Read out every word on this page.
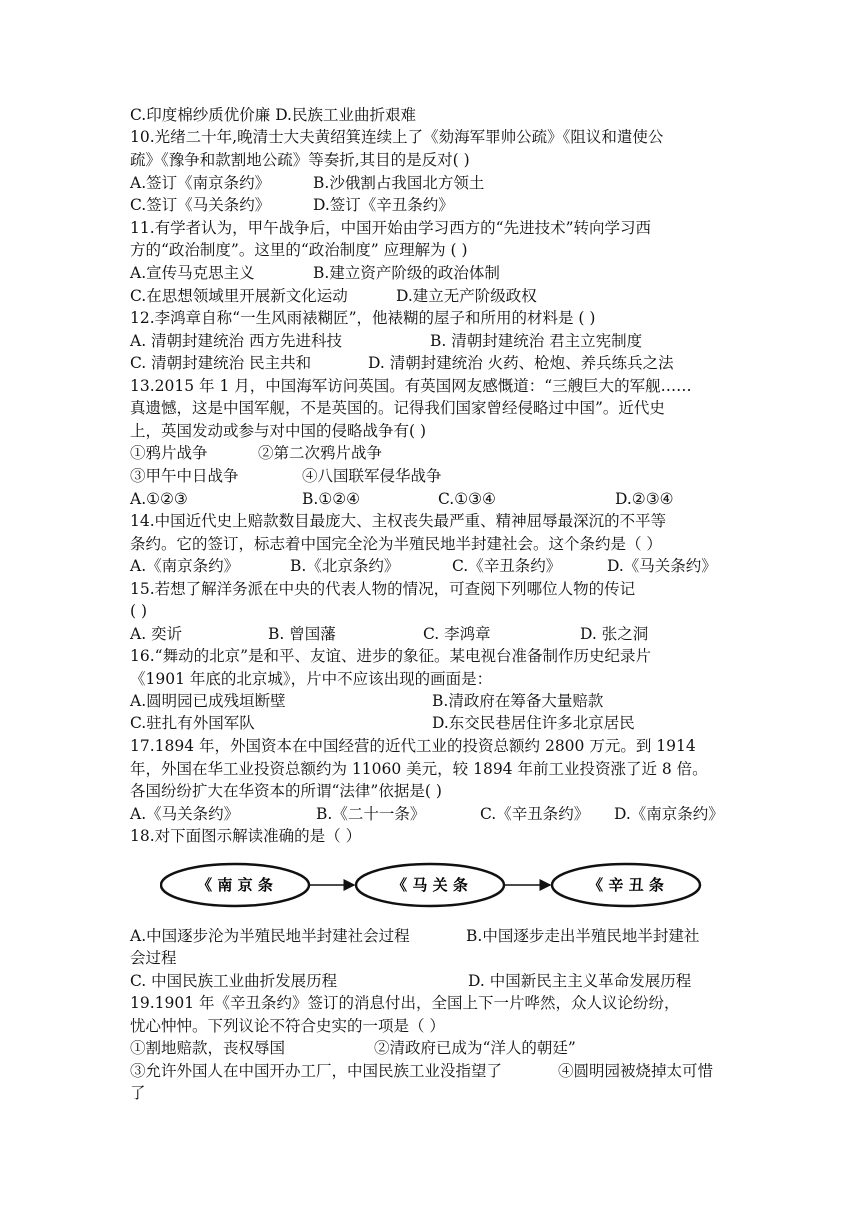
C.印度棉纱质优价廉 D.民族工业曲折艰难
10.光绪二十年,晚清士大夫黄绍箕连续上了《劾海军罪帅公疏》《阻议和遣使公
疏》《豫争和款割地公疏》等奏折,其目的是反对( )
A.签订《南京条约》	B.沙俄割占我国北方领土
C.签订《马关条约》	D.签订《辛丑条约》
11.有学者认为，甲午战争后，中国开始由学习西方的“先进技术”转向学习西
方的“政治制度”。这里的“政治制度” 应理解为 ( )
A.宣传马克思主义	B.建立资产阶级的政治体制
C.在思想领域里开展新文化运动	D.建立无产阶级政权
12.李鸿章自称“一生风雨裱糊匠”，他裱糊的屋子和所用的材料是 ( )
A. 清朝封建统治 西方先进科技	B. 清朝封建统治 君主立宪制度
C. 清朝封建统治 民主共和	D. 清朝封建统治 火药、枪炮、养兵练兵之法
13.2015 年 1 月，中国海军访问英国。有英国网友感慨道：“三艘巨大的军舰……
真遗憾，这是中国军舰，不是英国的。记得我们国家曾经侵略过中国”。近代史
上，英国发动或参与对中国的侵略战争有( )
①鸦片战争	②第二次鸦片战争
③甲午中日战争	④八国联军侵华战争
A.①②③	B.①②④	C.①③④	D.②③④
14.中国近代史上赔款数目最庞大、主权丧失最严重、精神屈辱最深沉的不平等
条约。它的签订，标志着中国完全沦为半殖民地半封建社会。这个条约是（ ）
A.《南京条约》	B.《北京条约》	C.《辛丑条约》	D.《马关条约》
15.若想了解洋务派在中央的代表人物的情况，可查阅下列哪位人物的传记
( )
A. 奕䜣	B. 曾国藩	C. 李鸿章	D. 张之洞
16.“舞动的北京”是和平、友谊、进步的象征。某电视台准备制作历史纪录片
《1901 年底的北京城》，片中不应该出现的画面是：
A.圆明园已成残垣断壁	B.清政府在筹备大量赔款
C.驻扎有外国军队	D.东交民巷居住许多北京居民
17.1894 年，外国资本在中国经营的近代工业的投资总额约 2800 万元。到 1914
年，外国在华工业投资总额约为 11060 美元，较 1894 年前工业投资涨了近 8 倍。
各国纷纷扩大在华资本的所谓“法律”依据是( )
A.《马关条约》	B.《二十一条》	C.《辛丑条约》 D.《南京条约》
18.对下面图示解读准确的是（ ）
《 南 京 条	《 马 关 条	《 辛 丑 条
A.中国逐步沦为半殖民地半封建社会过程	B.中国逐步走出半殖民地半封建社
会过程
C. 中国民族工业曲折发展历程	D. 中国新民主主义革命发展历程
19.1901 年《辛丑条约》签订的消息付出，全国上下一片哗然，众人议论纷纷，
忧心忡忡。下列议论不符合史实的一项是（ ）
①割地赔款，丧权辱国	②清政府已成为“洋人的朝廷”
③允许外国人在中国开办工厂，中国民族工业没指望了	④圆明园被烧掉太可惜
了
